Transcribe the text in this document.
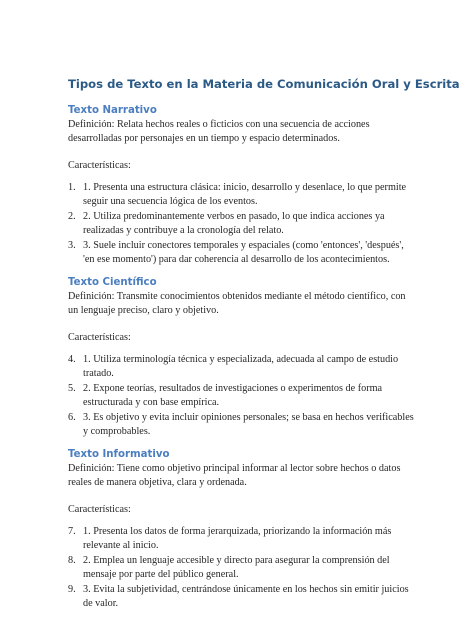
Tipos de Texto en la Materia de Comunicación Oral y Escrita
Texto Narrativo

Definición: Relata hechos reales o ficticios con una secuencia de acciones desarrolladas por personajes en un tiempo y espacio determinados.

Características:

1. 1. Presenta una estructura clásica: inicio, desarrollo y desenlace, lo que permite seguir una secuencia lógica de los eventos.
2. 2. Utiliza predominantemente verbos en pasado, lo que indica acciones ya realizadas y contribuye a la cronología del relato.
3. 3. Suele incluir conectores temporales y espaciales (como 'entonces', 'después', 'en ese momento') para dar coherencia al desarrollo de los acontecimientos.
Texto Científico

Definición: Transmite conocimientos obtenidos mediante el método científico, con un lenguaje preciso, claro y objetivo.

Características:

4. 1. Utiliza terminología técnica y especializada, adecuada al campo de estudio tratado.
5. 2. Expone teorías, resultados de investigaciones o experimentos de forma estructurada y con base empírica.
6. 3. Es objetivo y evita incluir opiniones personales; se basa en hechos verificables y comprobables.
Texto Informativo

Definición: Tiene como objetivo principal informar al lector sobre hechos o datos reales de manera objetiva, clara y ordenada.

Características:

7. 1. Presenta los datos de forma jerarquizada, priorizando la información más relevante al inicio.
8. 2. Emplea un lenguaje accesible y directo para asegurar la comprensión del mensaje por parte del público general.
9. 3. Evita la subjetividad, centrándose únicamente en los hechos sin emitir juicios de valor.
